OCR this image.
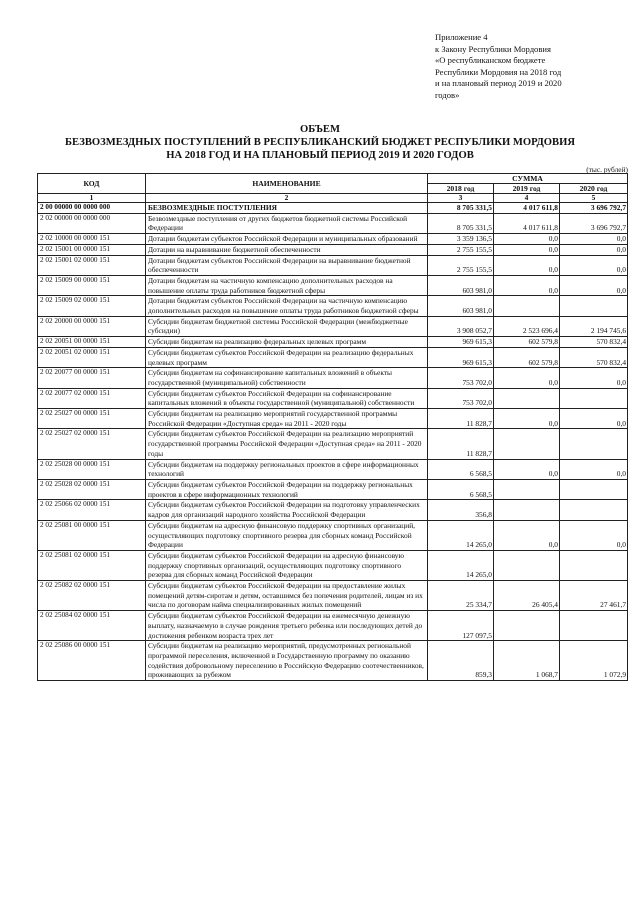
Приложение 4
к Закону Республики Мордовия
«О республиканском бюджете
Республики Мордовия на 2018 год
и на плановый период 2019 и 2020
годов»
ОБЪЕМ
БЕЗВОЗМЕЗДНЫХ ПОСТУПЛЕНИЙ В РЕСПУБЛИКАНСКИЙ БЮДЖЕТ РЕСПУБЛИКИ МОРДОВИЯ
НА 2018 ГОД И НА ПЛАНОВЫЙ ПЕРИОД 2019 И 2020 ГОДОВ
(тыс. рублей)
КОД	НАИМЕНОВАНИЕ	СУММА		
		2018 год	2019 год	2020 год
1	2	3	4	5
2 00 00000 00 0000 000	БЕЗВОЗМЕЗДНЫЕ ПОСТУПЛЕНИЯ	8 705 331,5	4 017 611,8	3 696 792,7
2 02 00000 00 0000 000	Безвозмездные поступления от других бюджетов бюджетной системы Российской Федерации	8 705 331,5	4 017 611,8	3 696 792,7
2 02 10000 00 0000 151	Дотации бюджетам субъектов Российской Федерации и муниципальных образований	3 359 136,5	0,0	0,0
2 02 15001 00 0000 151	Дотации на выравнивание бюджетной обеспеченности	2 755 155,5	0,0	0,0
2 02 15001 02 0000 151	Дотации бюджетам субъектов Российской Федерации на выравнивание бюджетной обеспеченности	2 755 155,5	0,0	0,0
2 02 15009 00 0000 151	Дотации бюджетам на частичную компенсацию дополнительных расходов на повышение оплаты труда работников бюджетной сферы	603 981,0	0,0	0,0
2 02 15009 02 0000 151	Дотации бюджетам субъектов Российской Федерации на частичную компенсацию дополнительных расходов на повышение оплаты труда работников бюджетной сферы	603 981,0		
2 02 20000 00 0000 151	Субсидии бюджетам бюджетной системы Российской Федерации (межбюджетные субсидии)	3 908 052,7	2 523 696,4	2 194 745,6
2 02 20051 00 0000 151	Субсидии бюджетам на реализацию федеральных целевых программ	969 615,3	602 579,8	570 832,4
2 02 20051 02 0000 151	Субсидии бюджетам субъектов Российской Федерации на реализацию федеральных целевых программ	969 615,3	602 579,8	570 832,4
2 02 20077 00 0000 151	Субсидии бюджетам на софинансирование капитальных вложений в объекты государственной (муниципальной) собственности	753 702,0	0,0	0,0
2 02 20077 02 0000 151	Субсидии бюджетам субъектов Российской Федерации на софинансирование капитальных вложений в объекты государственной (муниципальной) собственности	753 702,0		
2 02 25027 00 0000 151	Субсидии бюджетам на реализацию мероприятий государственной программы Российской Федерации «Доступная среда» на 2011 - 2020 годы	11 828,7	0,0	0,0
2 02 25027 02 0000 151	Субсидии бюджетам субъектов Российской Федерации на реализацию мероприятий государственной программы Российской Федерации «Доступная среда» на 2011 - 2020 годы	11 828,7		
2 02 25028 00 0000 151	Субсидии бюджетам на поддержку региональных проектов в сфере информационных технологий	6 568,5	0,0	0,0
2 02 25028 02 0000 151	Субсидии бюджетам субъектов Российской Федерации на поддержку региональных проектов в сфере информационных технологий	6 568,5		
2 02 25066 02 0000 151	Субсидии бюджетам субъектов Российской Федерации на подготовку управленческих кадров для организаций народного хозяйства Российской Федерации	356,8		
2 02 25081 00 0000 151	Субсидии бюджетам на адресную финансовую поддержку спортивных организаций, осуществляющих подготовку спортивного резерва для сборных команд Российской Федерации	14 265,0	0,0	0,0
2 02 25081 02 0000 151	Субсидии бюджетам субъектов Российской Федерации на адресную финансовую поддержку спортивных организаций, осуществляющих подготовку спортивного резерва для сборных команд Российской Федерации	14 265,0		
2 02 25082 02 0000 151	Субсидии бюджетам субъектов Российской Федерации на предоставление жилых помещений детям-сиротам и детям, оставшимся без попечения родителей, лицам из их числа по договорам найма специализированных жилых помещений	25 334,7	26 405,4	27 461,7
2 02 25084 02 0000 151	Субсидии бюджетам субъектов Российской Федерации на ежемесячную денежную выплату, назначаемую в случае рождения третьего ребенка или последующих детей до достижения ребенком возраста трех лет	127 097,5		
2 02 25086 00 0000 151	Субсидии бюджетам на реализацию мероприятий, предусмотренных региональной программой переселения, включенной в Государственную программу по оказанию содействия добровольному переселению в Российскую Федерацию соотечественников, проживающих за рубежом	859,3	1 068,7	1 072,9
